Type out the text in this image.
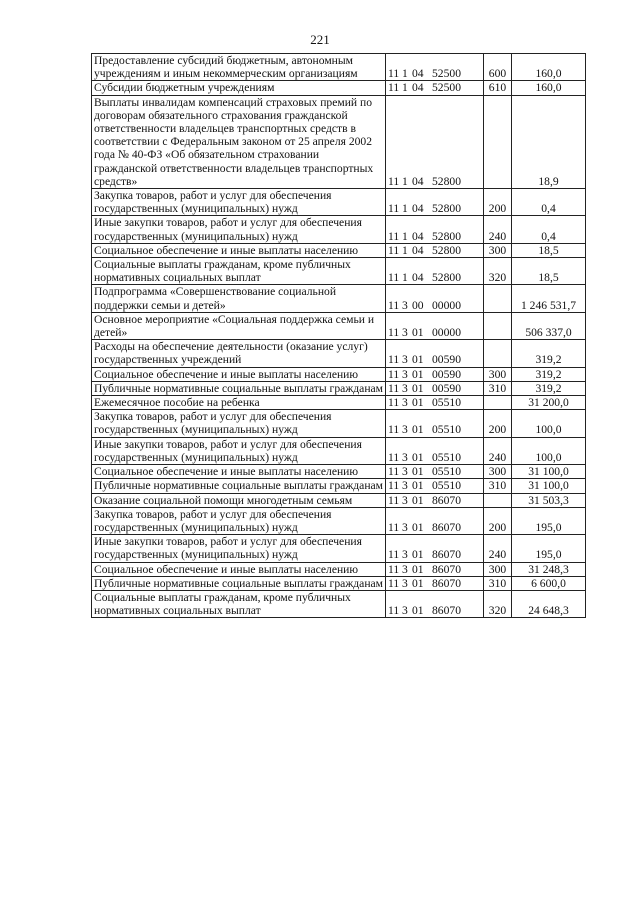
221
Предоставление субсидий бюджетным, автономным учреждениям и иным некоммерческим организациям	11 1 04 52500	600	160,0
Субсидии бюджетным учреждениям	11 1 04 52500	610	160,0
Выплаты инвалидам компенсаций страховых премий по договорам обязательного страхования гражданской ответственности владельцев транспортных средств в соответствии с Федеральным законом от 25 апреля 2002 года № 40-ФЗ «Об обязательном страховании гражданской ответственности владельцев транспортных средств»	11 1 04 52800		18,9
Закупка товаров, работ и услуг для обеспечения государственных (муниципальных) нужд	11 1 04 52800	200	0,4
Иные закупки товаров, работ и услуг для обеспечения государственных (муниципальных) нужд	11 1 04 52800	240	0,4
Социальное обеспечение и иные выплаты населению	11 1 04 52800	300	18,5
Социальные выплаты гражданам, кроме публичных нормативных социальных выплат	11 1 04 52800	320	18,5
Подпрограмма «Совершенствование социальной поддержки семьи и детей»	11 3 00 00000		1 246 531,7
Основное мероприятие «Социальная поддержка семьи и детей»	11 3 01 00000		506 337,0
Расходы на обеспечение деятельности (оказание услуг) государственных учреждений	11 3 01 00590		319,2
Социальное обеспечение и иные выплаты населению	11 3 01 00590	300	319,2
Публичные нормативные социальные выплаты гражданам	11 3 01 00590	310	319,2
Ежемесячное пособие на ребенка	11 3 01 05510		31 200,0
Закупка товаров, работ и услуг для обеспечения государственных (муниципальных) нужд	11 3 01 05510	200	100,0
Иные закупки товаров, работ и услуг для обеспечения государственных (муниципальных) нужд	11 3 01 05510	240	100,0
Социальное обеспечение и иные выплаты населению	11 3 01 05510	300	31 100,0
Публичные нормативные социальные выплаты гражданам	11 3 01 05510	310	31 100,0
Оказание социальной помощи многодетным семьям	11 3 01 86070		31 503,3
Закупка товаров, работ и услуг для обеспечения государственных (муниципальных) нужд	11 3 01 86070	200	195,0
Иные закупки товаров, работ и услуг для обеспечения государственных (муниципальных) нужд	11 3 01 86070	240	195,0
Социальное обеспечение и иные выплаты населению	11 3 01 86070	300	31 248,3
Публичные нормативные социальные выплаты гражданам	11 3 01 86070	310	6 600,0
Социальные выплаты гражданам, кроме публичных нормативных социальных выплат	11 3 01 86070	320	24 648,3
